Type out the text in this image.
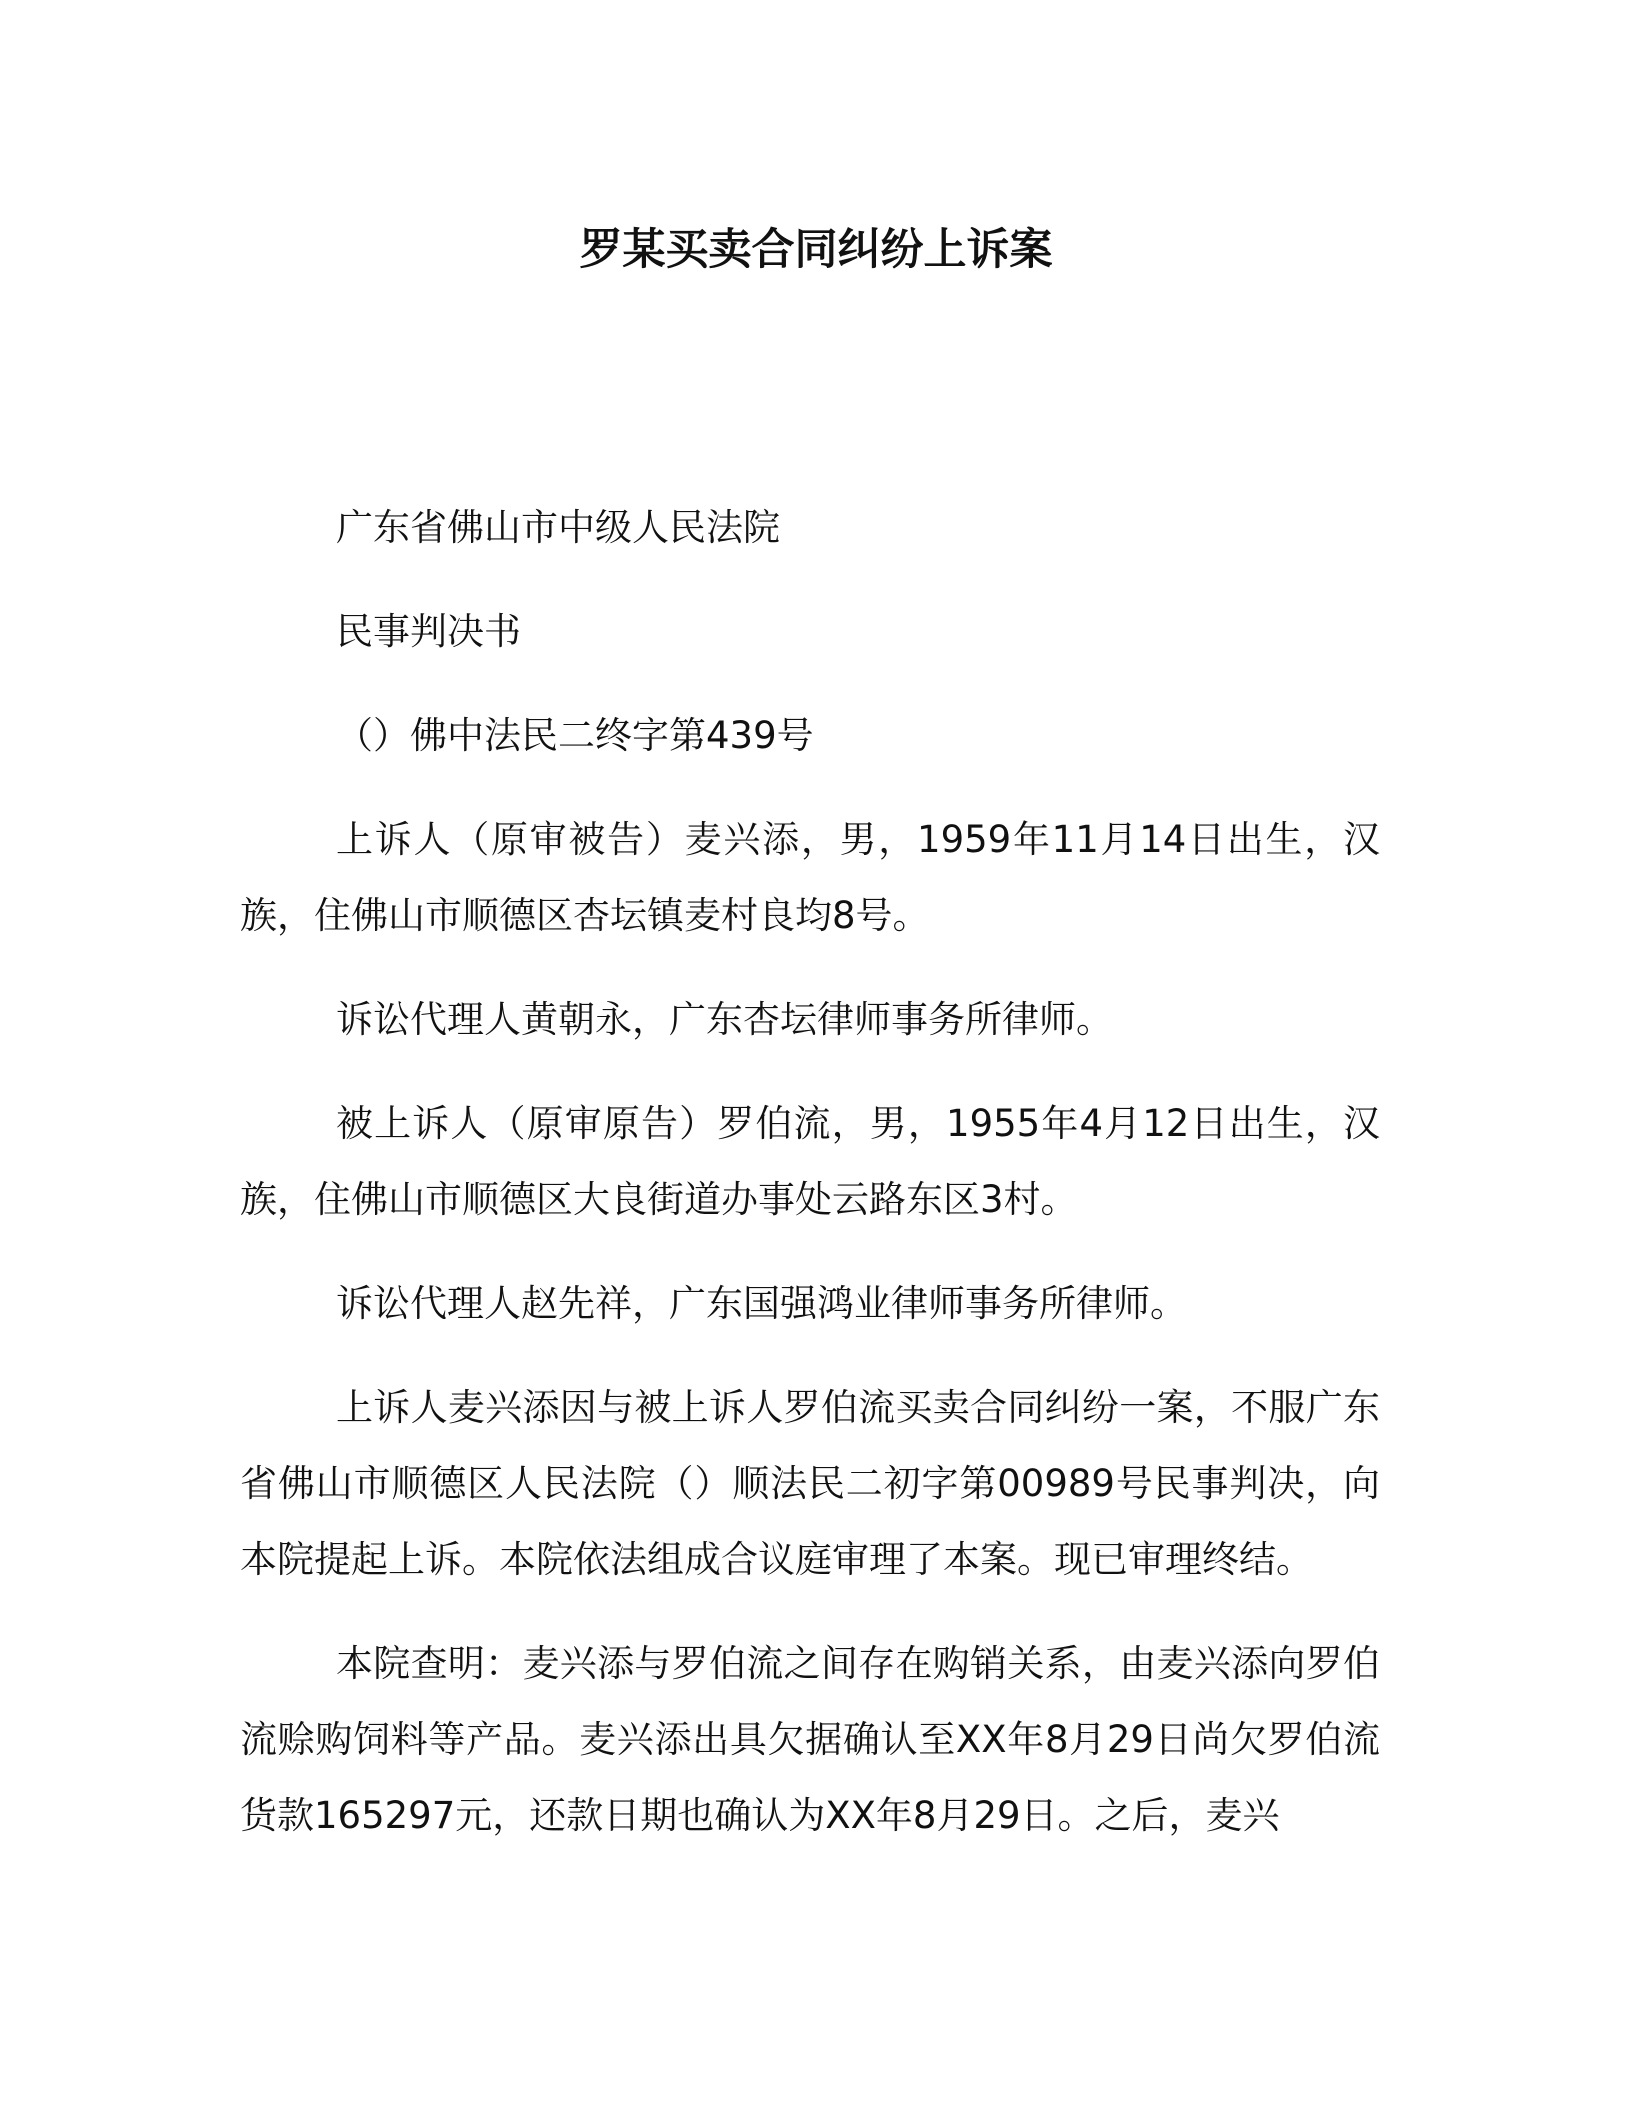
罗某买卖合同纠纷上诉案

广东省佛山市中级人民法院

民事判决书

（）佛中法民二终字第439号

上诉人（原审被告）麦兴添，男，1959年11月14日出生，汉族，住佛山市顺德区杏坛镇麦村良均8号。

诉讼代理人黄朝永，广东杏坛律师事务所律师。

被上诉人（原审原告）罗伯流，男，1955年4月12日出生，汉族，住佛山市顺德区大良街道办事处云路东区3村。

诉讼代理人赵先祥，广东国强鸿业律师事务所律师。

上诉人麦兴添因与被上诉人罗伯流买卖合同纠纷一案，不服广东省佛山市顺德区人民法院（）顺法民二初字第00989号民事判决，向本院提起上诉。本院依法组成合议庭审理了本案。现已审理终结。

本院查明：麦兴添与罗伯流之间存在购销关系，由麦兴添向罗伯流赊购饲料等产品。麦兴添出具欠据确认至XX年8月29日尚欠罗伯流货款165297元，还款日期也确认为XX年8月29日。之后，麦兴
